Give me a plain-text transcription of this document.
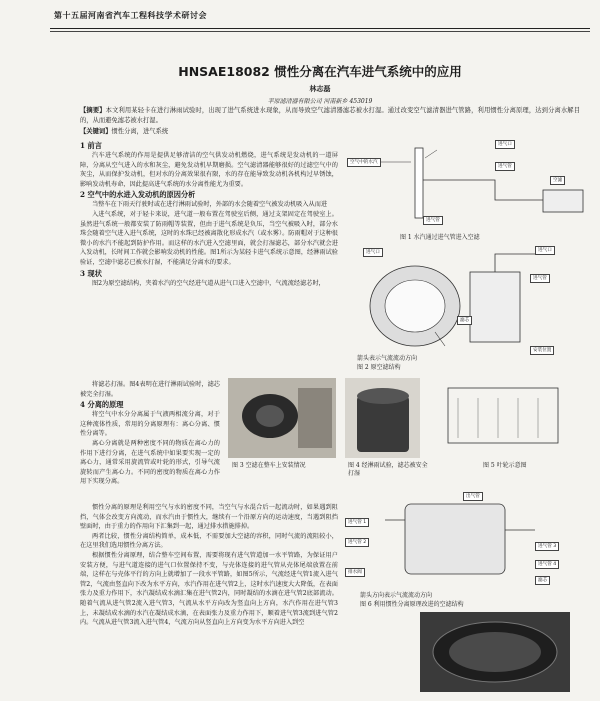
第十五届河南省汽车工程科技学术研讨会
HNSAE18082 惯性分离在汽车进气系统中的应用
林志磊
平原滤清器有限公司 河南新乡 453019
【摘要】本文利用某轻卡在进行淋雨试验时，出现了进气系统进水现象，从而导致空气滤清器滤芯被水打湿。通过改变空气滤清器进气管路，利用惯性分离原理，达到分离水解目的，从而避免滤芯被水打湿。
【关键词】惯性分离，进气系统

1 前言

汽车进气系统的作用是提供足够清洁的空气供发动机燃烧，进气系统是发动机的一道屏障，分离从空气进入的水和灰尘，避免发动机早期磨损。空气滤清器能够很好的过滤空气中的灰尘，从而保护发动机，但对水的分离效果很有限，水的存在能导致发动机各机构过早锈蚀，影响发动机寿命，因此提高进气系统的水分离性能尤为重要。

2 空气中的水进入发动机的原因分析

当整车在下雨天行驶时或在进行淋雨试验时，外部的水会随着空气被发动机吸入从而进

入进气系统，对于轻卡来说，进气道一般布置在驾驶室后侧，通过支架固定在驾驶室上。虽然进气系统一般都安装了防雨帽等装置，但由于进气系统是负压，当空气被吸入时，部分水珠会随着空气进入进气系统，这时的水珠已经被离散化形成水汽（或水雾）。防雨帽对于这种很微小的水汽不能起到防护作用。而这样的水汽进入空滤里面，就会打湿滤芯，部分水汽就会进入发动机，长时间工作就会影响发动机的性能。图1所示为某轻卡进气系统示意图，经淋雨试验验证，空滤中滤芯已被水打湿，不能满足分离水的要求。

3 现状

图2为原空滤结构，夹着水汽的空气经进气道从进气口进入空滤中，气流流经滤芯时，

将滤芯打湿。图4表明在进行淋雨试验时，滤芯被完全打湿。

4 分离的原理

将空气中水分分离属于气液两相流分离，对于这种流体性质，常用的分离原理有：离心分离、惯性分离等。

离心分离就是两种密度不同的物质在离心力的作用下进行分离，在进气系统中如果要实现一定的离心力，通常采用旋流管或叶轮的形式，引导气流旋转而产生离心力。不同的密度的物质在离心力作用下实现分离。

惯性分离的原理是利用空气与水的密度不同，当空气与水混合后一起流动时，如果遇到阻挡，气体会改变方向流动，而水汽由于惯性大，继续有一个沿原方向的运动速度，当遇到阻挡壁面时，由于重力的作用向下汇集到一起，通过排水措施排掉。

两者比较，惯性分离结构简单，成本低，不需要加大空滤的容积，同时气流的流阻较小，在这里我们选用惯性分离方法。

根据惯性分离原理，结合整车空间布置，需要将现有进气管道加一水平管路，为保证用户安装方便，与进气道连接的进气口位置保持不变，与壳体连接的进气管从壳体尾端放置在前端，这样在与壳体平行的方向上就增加了一段水平管路，如图5所示，气流经进气管1流入进气管2，气流由竖直向下改为水平方向，水汽作用在进气管2上，这时水汽速度大大降低，在表面张力及重力作用下，水汽凝结成水滴汇集在进气管2内，同时凝结的水滴在进气管2底部流动。随着气流从进气管2流入进气管3，气流从水平方向改为竖直向上方向，水汽作用在进气管3上，未凝结成水滴的水汽在凝结成水滴，在表面张力及重力作用下，顺着进气管3流到进气管2内。气流从进气管3流入进气管4，气流方向从竖直向上方向变为水平方向进入到空

空气中的水汽
进气口
进气管
空滤
进气管
图 1 水汽通过进气管进入空滤
进气口
进气管
进气口
滤芯
安装位置
箭头表示气流流动方向
图 2 原空滤结构
图 3 空滤在整车上安装情况	图 4 经淋雨试验，滤芯被安全打湿
图 5 叶轮示意图
出气管
进气管 1
进气管 2
排水阀
进气管 3
进气管 4
滤芯
箭头方向表示气流流动方向
图 6 利用惯性分离原理改进的空滤结构
